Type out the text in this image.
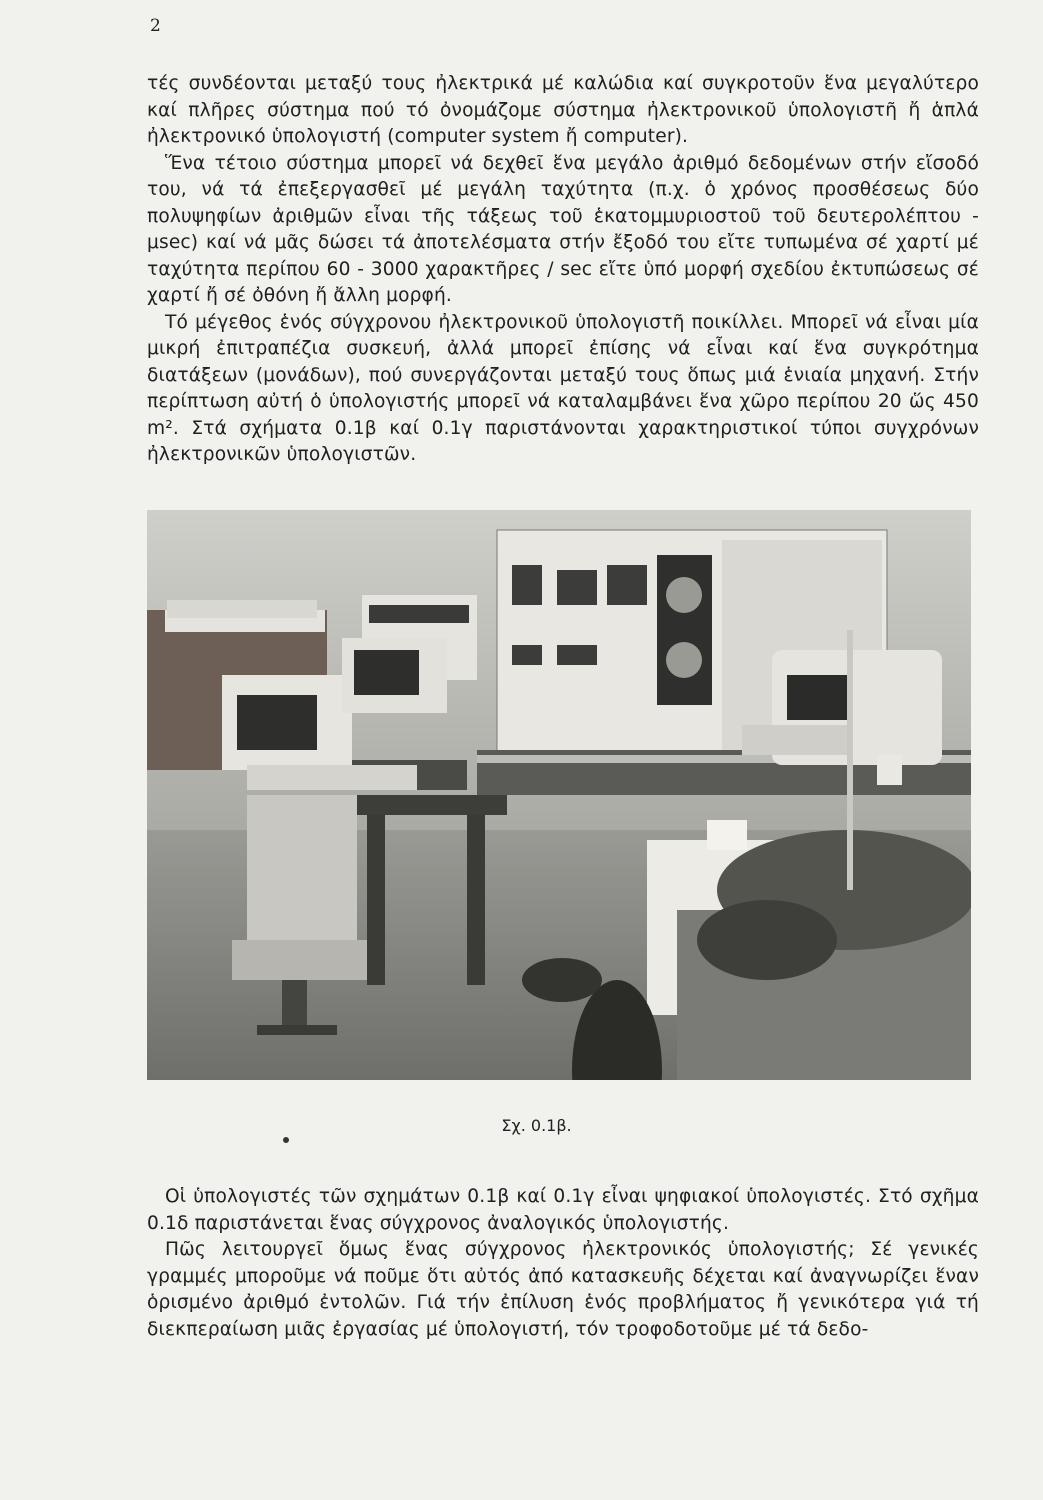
2

τές συνδέονται μεταξύ τους ἠλεκτρικά μέ καλώδια καί συγκροτοῦν ἕνα μεγαλύτερο καί πλῆρες σύστημα πού τό ὀνομάζομε σύστημα ἠλεκτρονικοῦ ὑπολογιστῆ ἤ ἁπλά ἠλεκτρονικό ὑπολογιστή (computer system ἤ computer).

Ἕνα τέτοιο σύστημα μπορεῖ νά δεχθεῖ ἕνα μεγάλο ἀριθμό δεδομένων στήν εἴσοδό του, νά τά ἐπεξεργασθεῖ μέ μεγάλη ταχύτητα (π.χ. ὁ χρόνος προσθέσεως δύο πολυψηφίων ἀριθμῶν εἶναι τῆς τάξεως τοῦ ἑκατομμυριοστοῦ τοῦ δευτερολέπτου - μsec) καί νά μᾶς δώσει τά ἀποτελέσματα στήν ἔξοδό του εἴτε τυπωμένα σέ χαρτί μέ ταχύτητα περίπου 60 - 3000 χαρακτῆρες / sec εἴτε ὑπό μορφή σχεδίου ἐκτυπώσεως σέ χαρτί ἤ σέ ὀθόνη ἤ ἄλλη μορφή.

Τό μέγεθος ἑνός σύγχρονου ἠλεκτρονικοῦ ὑπολογιστῆ ποικίλλει. Μπορεῖ νά εἶναι μία μικρή ἐπιτραπέζια συσκευή, ἀλλά μπορεῖ ἐπίσης νά εἶναι καί ἕνα συγκρότημα διατάξεων (μονάδων), πού συνεργάζονται μεταξύ τους ὅπως μιά ἑνιαία μηχανή. Στήν περίπτωση αὐτή ὁ ὑπολογιστής μπορεῖ νά καταλαμβάνει ἕνα χῶρο περίπου 20 ὥς 450 m². Στά σχήματα 0.1β καί 0.1γ παριστάνονται χαρακτηριστικοί τύποι συγχρόνων ἠλεκτρονικῶν ὑπολογιστῶν.

Σχ. 0.1β.

Οἱ ὑπολογιστές τῶν σχημάτων 0.1β καί 0.1γ εἶναι ψηφιακοί ὑπολογιστές. Στό σχῆμα 0.1δ παριστάνεται ἕνας σύγχρονος ἀναλογικός ὑπολογιστής.

Πῶς λειτουργεῖ ὅμως ἕνας σύγχρονος ἠλεκτρονικός ὑπολογιστής; Σέ γενικές γραμμές μποροῦμε νά ποῦμε ὅτι αὐτός ἀπό κατασκευῆς δέχεται καί ἀναγνωρίζει ἕναν ὁρισμένο ἀριθμό ἐντολῶν. Γιά τήν ἐπίλυση ἑνός προβλήματος ἤ γενικότερα γιά τή διεκπεραίωση μιᾶς ἐργασίας μέ ὑπολογιστή, τόν τροφοδοτοῦμε μέ τά δεδο-
